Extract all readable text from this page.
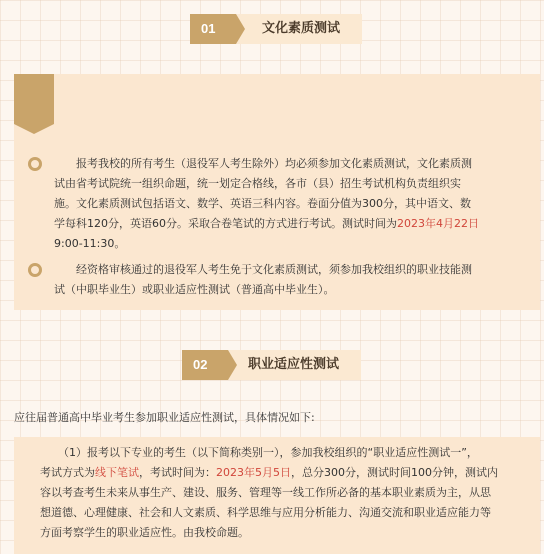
01	文化素质测试
报考我校的所有考生（退役军人考生除外）均必须参加文化素质测试，文化素质测
试由省考试院统一组织命题，统一划定合格线，各市（县）招生考试机构负责组织实
施。文化素质测试包括语文、数学、英语三科内容。卷面分值为300分，其中语文、数
学每科120分，英语60分。采取合卷笔试的方式进行考试。测试时间为2023年4月22日
9:00-11:30。
经资格审核通过的退役军人考生免于文化素质测试，须参加我校组织的职业技能测
试（中职毕业生）或职业适应性测试（普通高中毕业生）。
02	职业适应性测试
应往届普通高中毕业考生参加职业适应性测试，具体情况如下:
（1）报考以下专业的考生（以下简称类别一），参加我校组织的“职业适应性测试一”，
考试方式为线下笔试，考试时间为：2023年5月5日，总分300分，测试时间100分钟，测试内
容以考查考生未来从事生产、建设、服务、管理等一线工作所必备的基本职业素质为主，从思
想道德、心理健康、社会和人文素质、科学思维与应用分析能力、沟通交流和职业适应能力等
方面考察学生的职业适应性。由我校命题。
